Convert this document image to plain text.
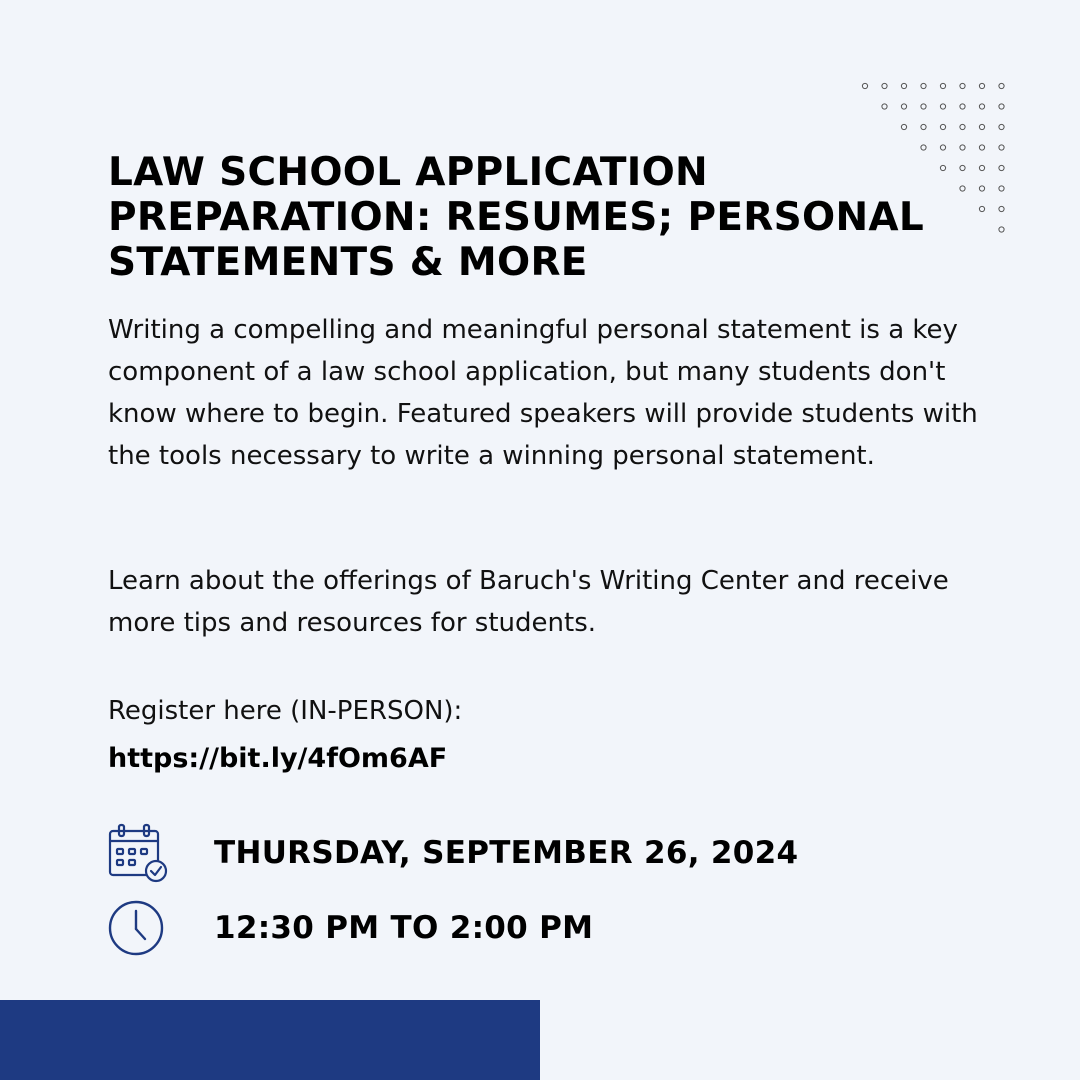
LAW SCHOOL APPLICATION PREPARATION: RESUMES; PERSONAL STATEMENTS & MORE

Writing a compelling and meaningful personal statement is a key component of a law school application, but many students don't know where to begin. Featured speakers will provide students with the tools necessary to write a winning personal statement.

Learn about the offerings of Baruch's Writing Center and receive more tips and resources for students.

Register here (IN-PERSON):
https://bit.ly/4fOm6AF
THURSDAY, SEPTEMBER 26, 2024
12:30 PM TO 2:00 PM
